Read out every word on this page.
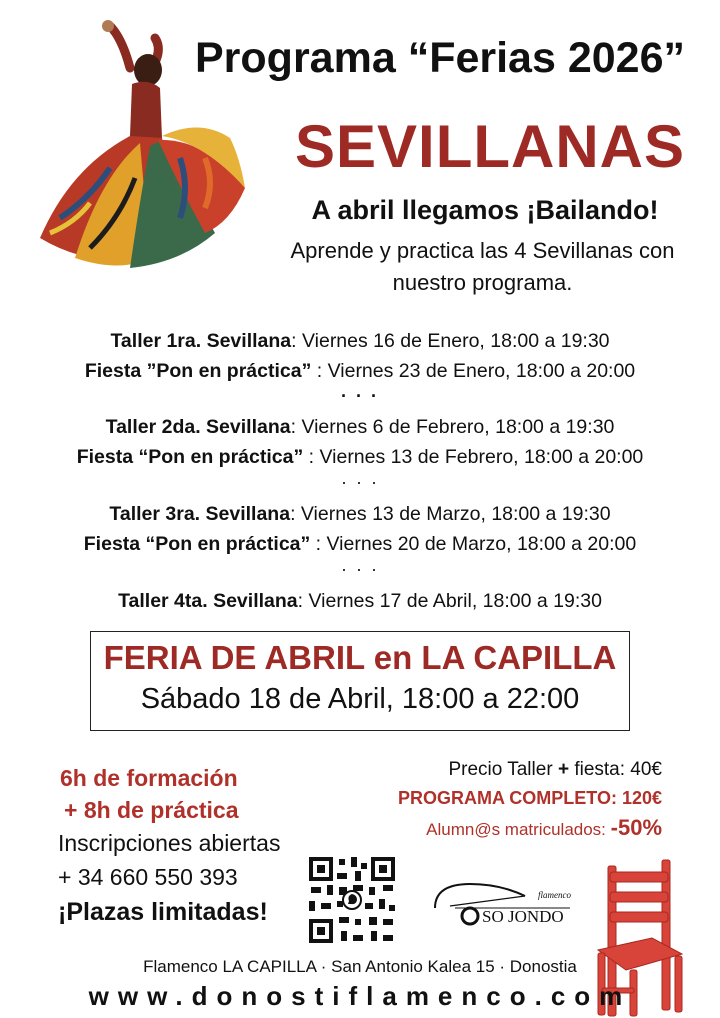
Programa “Ferias 2026”
SEVILLANAS
A abril llegamos ¡Bailando!
Aprende y practica las 4 Sevillanas con
nuestro programa.
Taller 1ra. Sevillana: Viernes 16 de Enero, 18:00 a 19:30
Fiesta ”Pon en práctica” : Viernes 23 de Enero, 18:00 a 20:00
· · ·
Taller 2da. Sevillana: Viernes 6 de Febrero, 18:00 a 19:30
Fiesta “Pon en práctica” : Viernes 13 de Febrero, 18:00 a 20:00
· · ·
Taller 3ra. Sevillana: Viernes 13 de Marzo, 18:00 a 19:30
Fiesta “Pon en práctica” : Viernes 20 de Marzo, 18:00 a 20:00
· · ·
Taller 4ta. Sevillana: Viernes 17 de Abril, 18:00 a 19:30
FERIA DE ABRIL en LA CAPILLA
Sábado 18 de Abril, 18:00 a 22:00
6h de formación
+ 8h de práctica
Inscripciones abiertas
+ 34 660 550 393
¡Plazas limitadas!
Precio Taller + fiesta: 40€
PROGRAMA COMPLETO: 120€
Alumn@s matriculados: -50%
flamenco
SO JONDO
Flamenco LA CAPILLA · San Antonio Kalea 15 · Donostia
www.donostiflamenco.com
